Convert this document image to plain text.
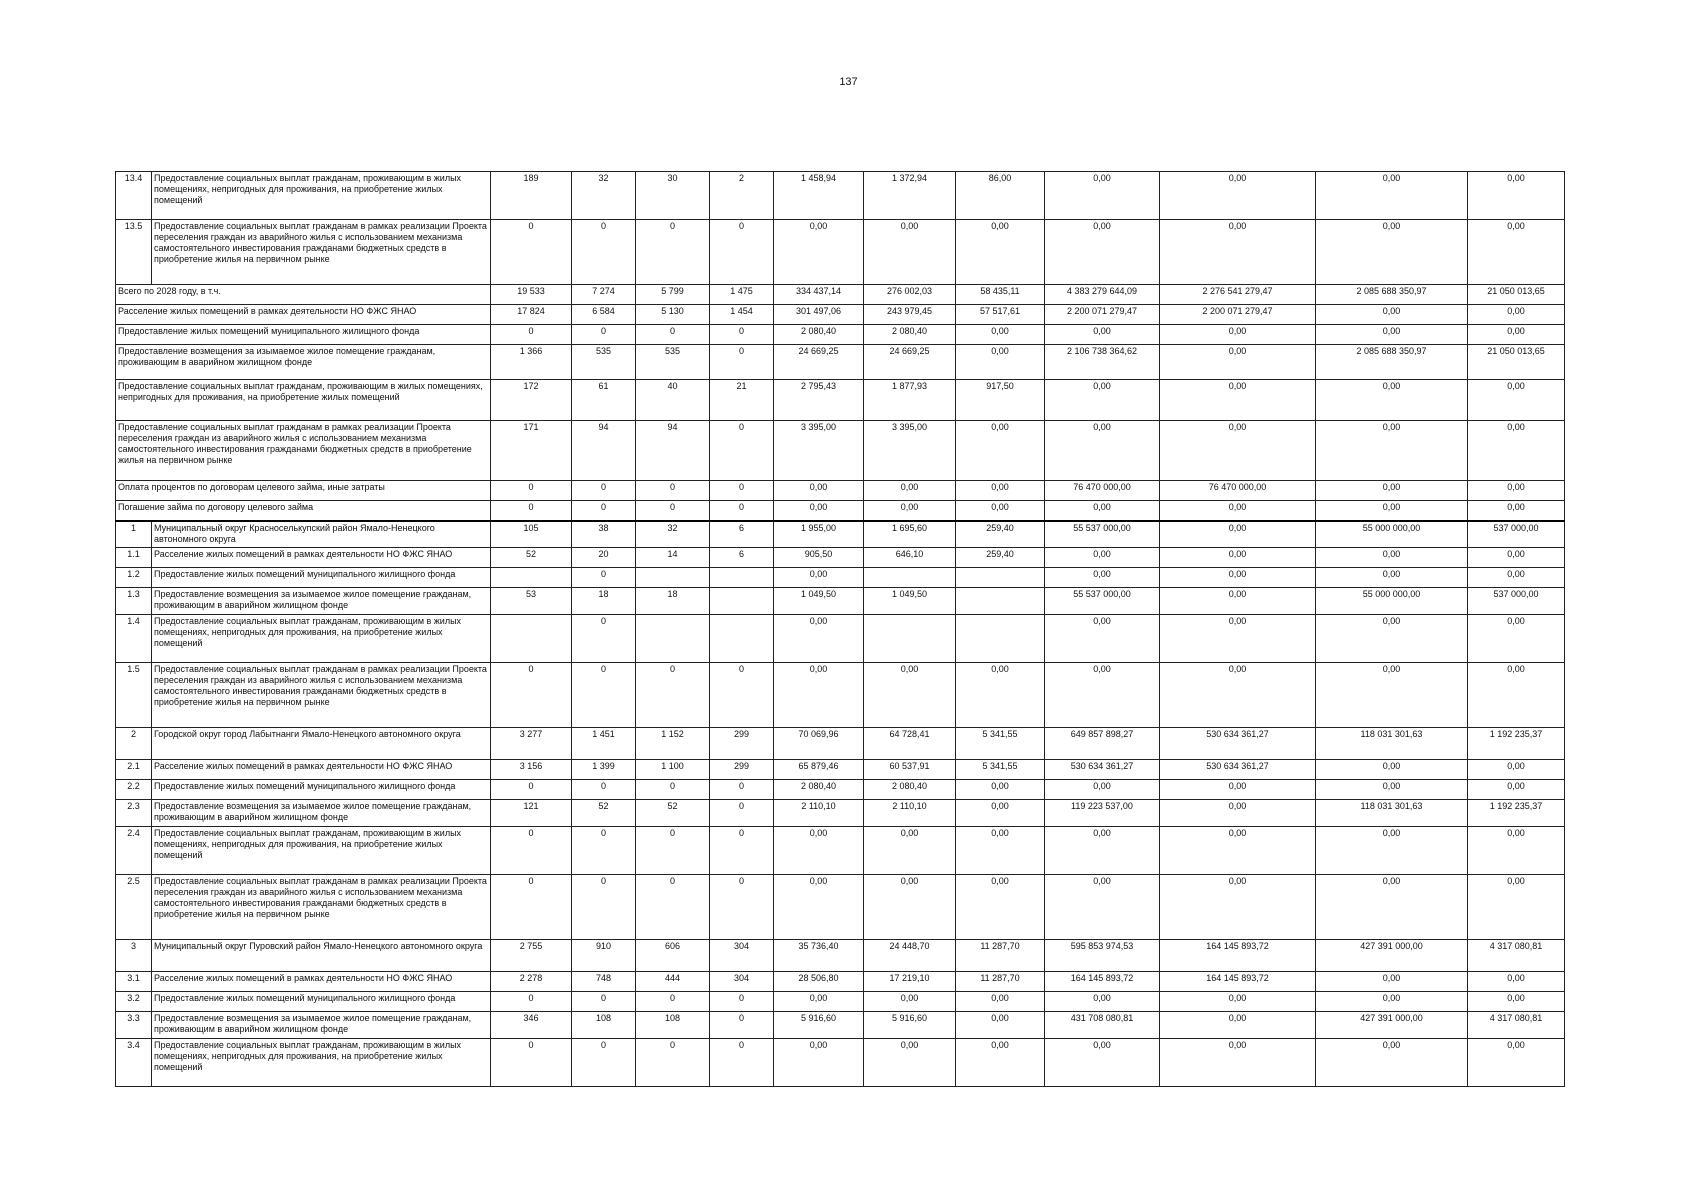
137
13.4	Предоставление социальных выплат гражданам, проживающим в жилых помещениях, непригодных для проживания, на приобретение жилых помещений	189	32	30	2	1 458,94	1 372,94	86,00	0,00	0,00	0,00	0,00
13.5	Предоставление социальных выплат гражданам в рамках реализации Проекта переселения граждан из аварийного жилья с использованием механизма самостоятельного инвестирования гражданами бюджетных средств в приобретение жилья на первичном рынке	0	0	0	0	0,00	0,00	0,00	0,00	0,00	0,00	0,00
Всего по 2028 году, в т.ч.		19 533	7 274	5 799	1 475	334 437,14	276 002,03	58 435,11	4 383 279 644,09	2 276 541 279,47	2 085 688 350,97	21 050 013,65
Расселение жилых помещений в рамках деятельности НО ФЖС ЯНАО		17 824	6 584	5 130	1 454	301 497,06	243 979,45	57 517,61	2 200 071 279,47	2 200 071 279,47	0,00	0,00
Предоставление жилых помещений муниципального жилищного фонда		0	0	0	0	2 080,40	2 080,40	0,00	0,00	0,00	0,00	0,00
Предоставление возмещения за изымаемое жилое помещение гражданам, проживающим в аварийном жилищном фонде		1 366	535	535	0	24 669,25	24 669,25	0,00	2 106 738 364,62	0,00	2 085 688 350,97	21 050 013,65
Предоставление социальных выплат гражданам, проживающим в жилых помещениях, непригодных для проживания, на приобретение жилых помещений		172	61	40	21	2 795,43	1 877,93	917,50	0,00	0,00	0,00	0,00
Предоставление социальных выплат гражданам в рамках реализации Проекта переселения граждан из аварийного жилья с использованием механизма самостоятельного инвестирования гражданами бюджетных средств в приобретение жилья на первичном рынке		171	94	94	0	3 395,00	3 395,00	0,00	0,00	0,00	0,00	0,00
Оплата процентов по договорам целевого займа, иные затраты		0	0	0	0	0,00	0,00	0,00	76 470 000,00	76 470 000,00	0,00	0,00
Погашение займа по договору целевого займа		0	0	0	0	0,00	0,00	0,00	0,00	0,00	0,00	0,00
1	Муниципальный округ Красноселькупский район Ямало-Ненецкого автономного округа	105	38	32	6	1 955,00	1 695,60	259,40	55 537 000,00	0,00	55 000 000,00	537 000,00
1.1	Расселение жилых помещений в рамках деятельности НО ФЖС ЯНАО	52	20	14	6	905,50	646,10	259,40	0,00	0,00	0,00	0,00
1.2	Предоставление жилых помещений муниципального жилищного фонда		0			0,00			0,00	0,00	0,00	0,00
1.3	Предоставление возмещения за изымаемое жилое помещение гражданам, проживающим в аварийном жилищном фонде	53	18	18		1 049,50	1 049,50		55 537 000,00	0,00	55 000 000,00	537 000,00
1.4	Предоставление социальных выплат гражданам, проживающим в жилых помещениях, непригодных для проживания, на приобретение жилых помещений		0			0,00			0,00	0,00	0,00	0,00
1.5	Предоставление социальных выплат гражданам в рамках реализации Проекта переселения граждан из аварийного жилья с использованием механизма самостоятельного инвестирования гражданами бюджетных средств в приобретение жилья на первичном рынке	0	0	0	0	0,00	0,00	0,00	0,00	0,00	0,00	0,00
2	Городской округ город Лабытнанги Ямало-Ненецкого автономного округа	3 277	1 451	1 152	299	70 069,96	64 728,41	5 341,55	649 857 898,27	530 634 361,27	118 031 301,63	1 192 235,37
2.1	Расселение жилых помещений в рамках деятельности НО ФЖС ЯНАО	3 156	1 399	1 100	299	65 879,46	60 537,91	5 341,55	530 634 361,27	530 634 361,27	0,00	0,00
2.2	Предоставление жилых помещений муниципального жилищного фонда	0	0	0	0	2 080,40	2 080,40	0,00	0,00	0,00	0,00	0,00
2.3	Предоставление возмещения за изымаемое жилое помещение гражданам, проживающим в аварийном жилищном фонде	121	52	52	0	2 110,10	2 110,10	0,00	119 223 537,00	0,00	118 031 301,63	1 192 235,37
2.4	Предоставление социальных выплат гражданам, проживающим в жилых помещениях, непригодных для проживания, на приобретение жилых помещений	0	0	0	0	0,00	0,00	0,00	0,00	0,00	0,00	0,00
2.5	Предоставление социальных выплат гражданам в рамках реализации Проекта переселения граждан из аварийного жилья с использованием механизма самостоятельного инвестирования гражданами бюджетных средств в приобретение жилья на первичном рынке	0	0	0	0	0,00	0,00	0,00	0,00	0,00	0,00	0,00
3	Муниципальный округ Пуровский район Ямало-Ненецкого автономного округа	2 755	910	606	304	35 736,40	24 448,70	11 287,70	595 853 974,53	164 145 893,72	427 391 000,00	4 317 080,81
3.1	Расселение жилых помещений в рамках деятельности НО ФЖС ЯНАО	2 278	748	444	304	28 506,80	17 219,10	11 287,70	164 145 893,72	164 145 893,72	0,00	0,00
3.2	Предоставление жилых помещений муниципального жилищного фонда	0	0	0	0	0,00	0,00	0,00	0,00	0,00	0,00	0,00
3.3	Предоставление возмещения за изымаемое жилое помещение гражданам, проживающим в аварийном жилищном фонде	346	108	108	0	5 916,60	5 916,60	0,00	431 708 080,81	0,00	427 391 000,00	4 317 080,81
3.4	Предоставление социальных выплат гражданам, проживающим в жилых помещениях, непригодных для проживания, на приобретение жилых помещений	0	0	0	0	0,00	0,00	0,00	0,00	0,00	0,00	0,00
